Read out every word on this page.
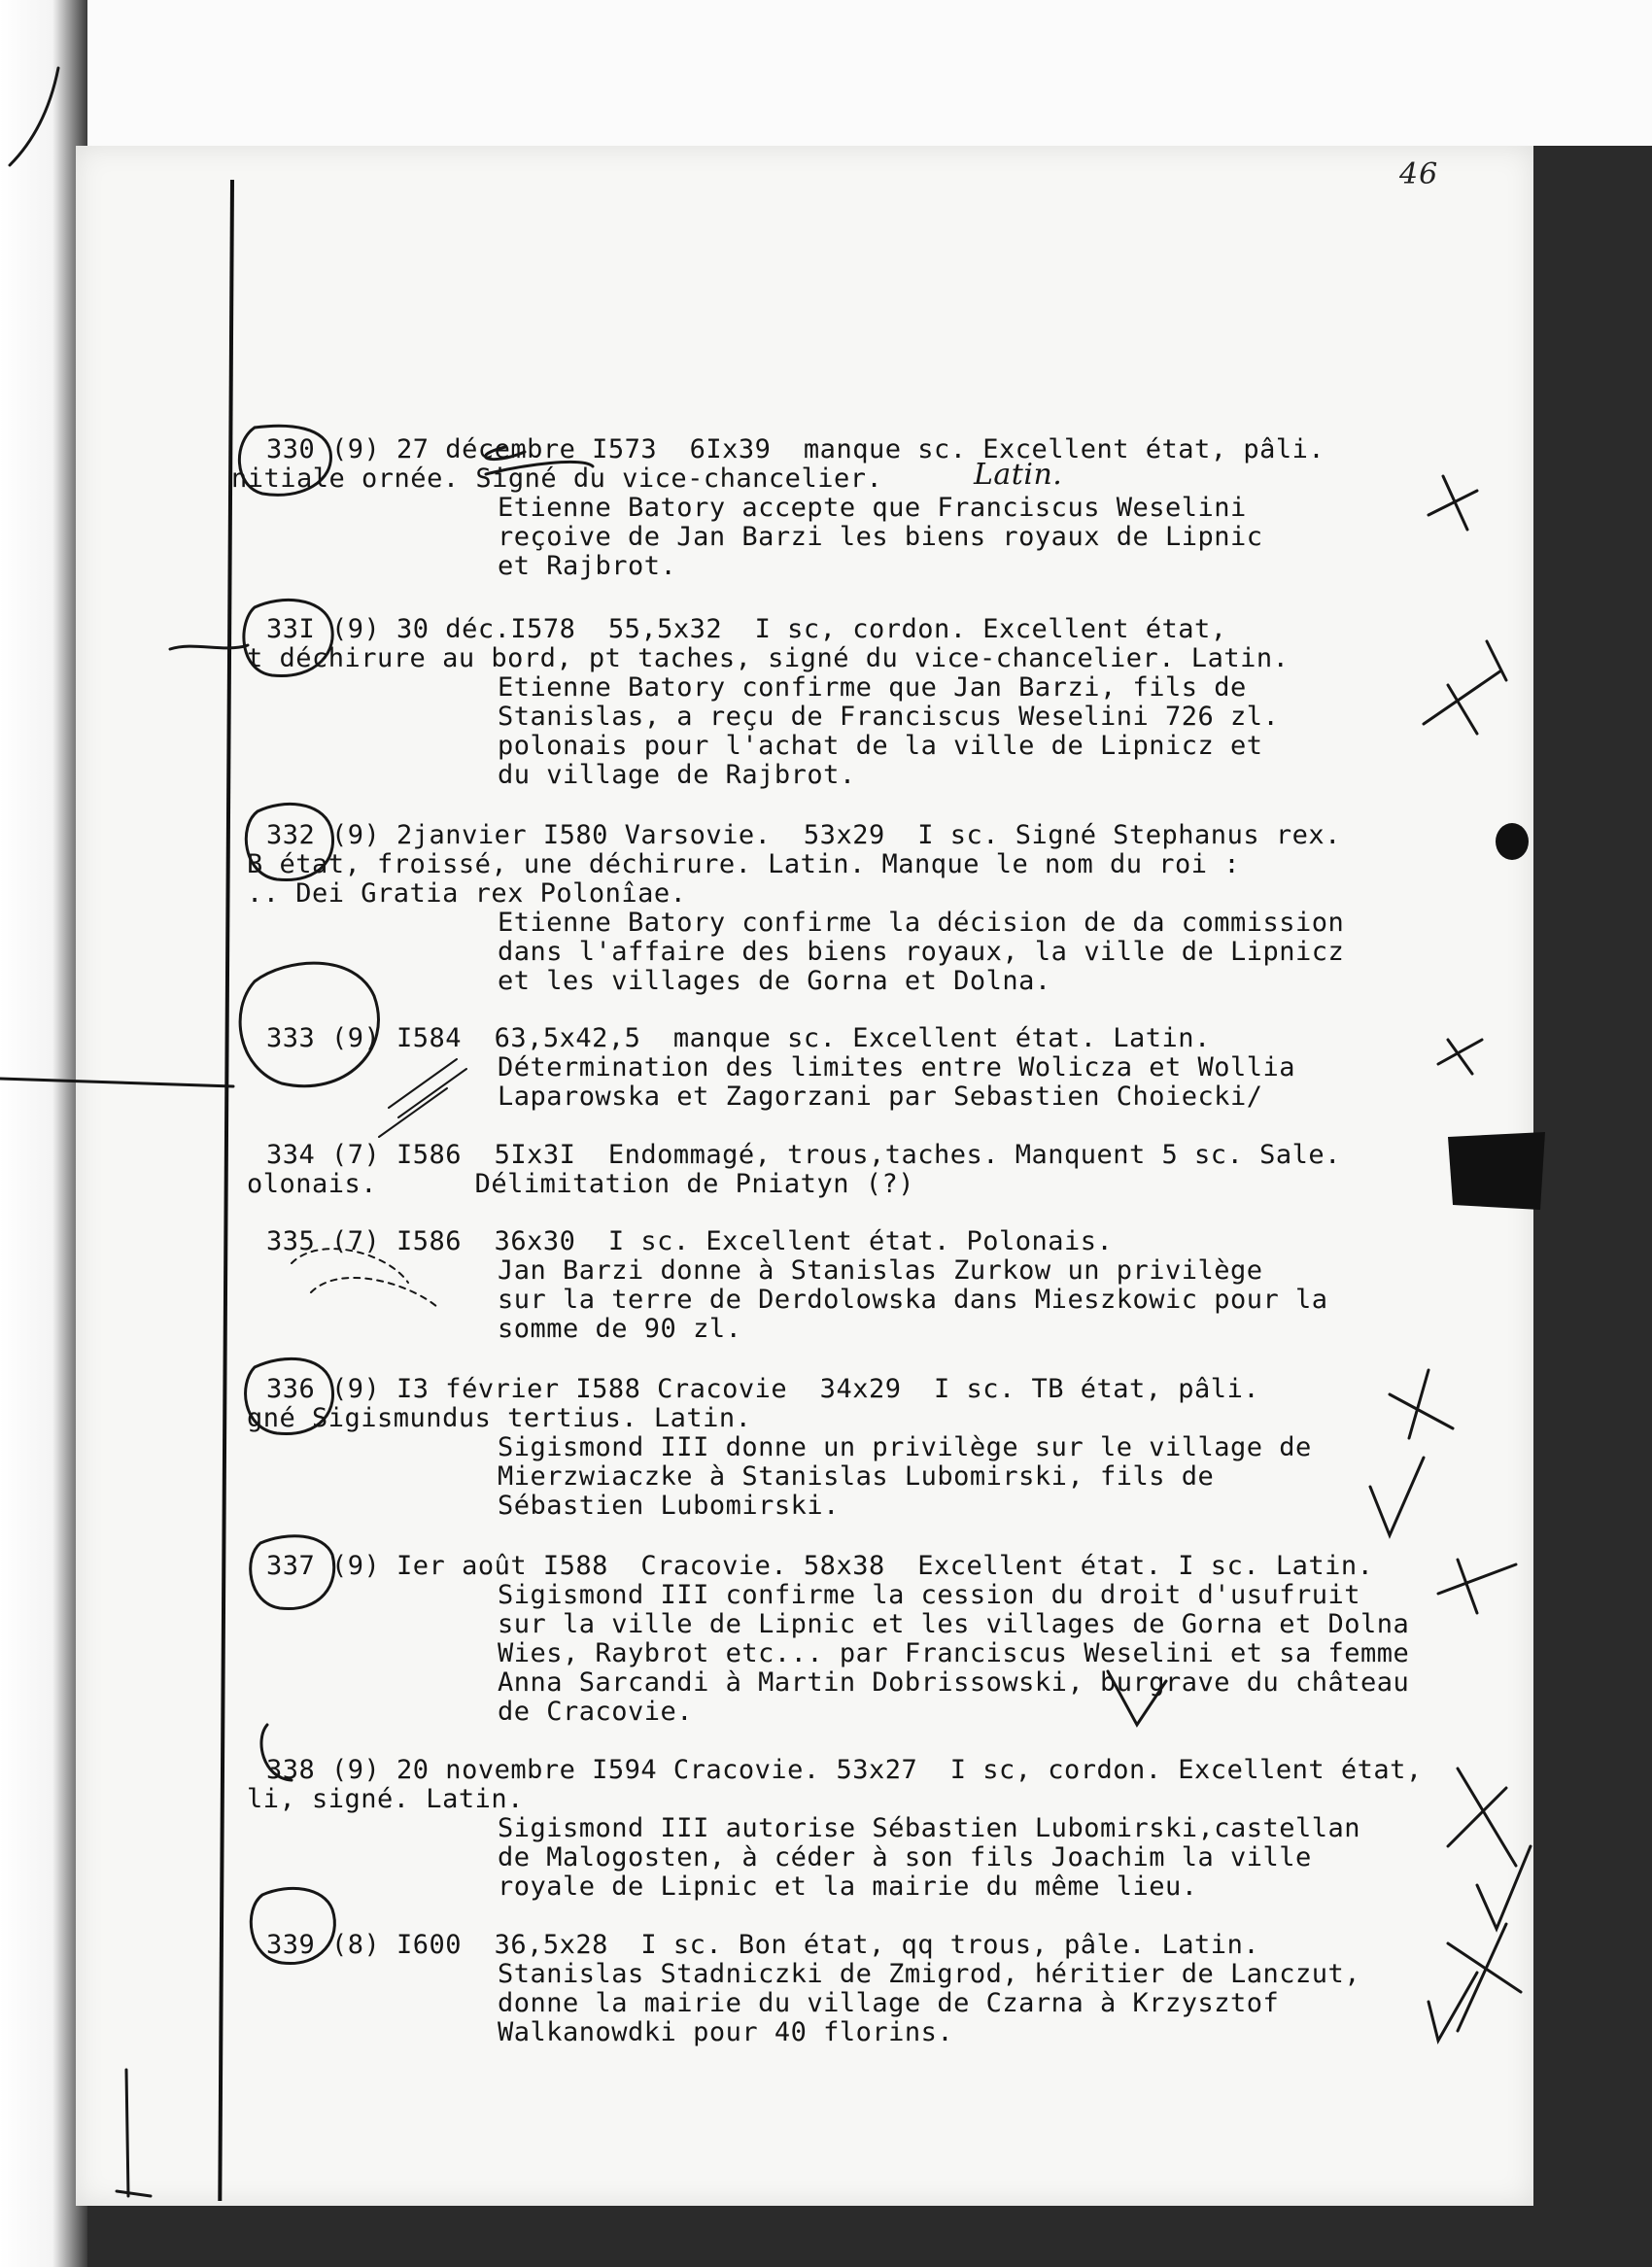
46
330 (9) 27 décembre I573  6Ix39  manque sc. Excellent état, pâli.
nitiale ornée. Signé du vice-chancelier.	Latin.
Etienne Batory accepte que Franciscus Weselini
reçoive de Jan Barzi les biens royaux de Lipnic
et Rajbrot.
33I (9) 30 déc.I578  55,5x32  I sc, cordon. Excellent état,
t déchirure au bord, pt taches, signé du vice-chancelier. Latin.
Etienne Batory confirme que Jan Barzi, fils de
Stanislas, a reçu de Franciscus Weselini 726 zl.
polonais pour l'achat de la ville de Lipnicz et
du village de Rajbrot.
332 (9) 2janvier I580 Varsovie.  53x29  I sc. Signé Stephanus rex.
B état, froissé, une déchirure. Latin. Manque le nom du roi :
.. Dei Gratia rex Polonîae.
Etienne Batory confirme la décision de da commission
dans l'affaire des biens royaux, la ville de Lipnicz
et les villages de Gorna et Dolna.
333 (9) I584  63,5x42,5  manque sc. Excellent état. Latin.
Détermination des limites entre Wolicza et Wollia
Laparowska et Zagorzani par Sebastien Choiecki/
334 (7) I586  5Ix3I  Endommagé, trous,taches. Manquent 5 sc. Sale.
olonais.      Délimitation de Pniatyn (?)
335 (7) I586  36x30  I sc. Excellent état. Polonais.
Jan Barzi donne à Stanislas Zurkow un privilège
sur la terre de Derdolowska dans Mieszkowic pour la
somme de 90 zl.
336 (9) I3 février I588 Cracovie  34x29  I sc. TB état, pâli.
gné Sigismundus tertius. Latin.
Sigismond III donne un privilège sur le village de
Mierzwiaczke à Stanislas Lubomirski, fils de
Sébastien Lubomirski.
337 (9) Ier août I588  Cracovie. 58x38  Excellent état. I sc. Latin.
Sigismond III confirme la cession du droit d'usufruit
sur la ville de Lipnic et les villages de Gorna et Dolna
Wies, Raybrot etc... par Franciscus Weselini et sa femme
Anna Sarcandi à Martin Dobrissowski, burgrave du château
de Cracovie.
338 (9) 20 novembre I594 Cracovie. 53x27  I sc, cordon. Excellent état,
li, signé. Latin.
Sigismond III autorise Sébastien Lubomirski,castellan
de Malogosten, à céder à son fils Joachim la ville
royale de Lipnic et la mairie du même lieu.
339 (8) I600  36,5x28  I sc. Bon état, qq trous, pâle. Latin.
Stanislas Stadniczki de Zmigrod, héritier de Lanczut,
donne la mairie du village de Czarna à Krzysztof
Walkanowdki pour 40 florins.
